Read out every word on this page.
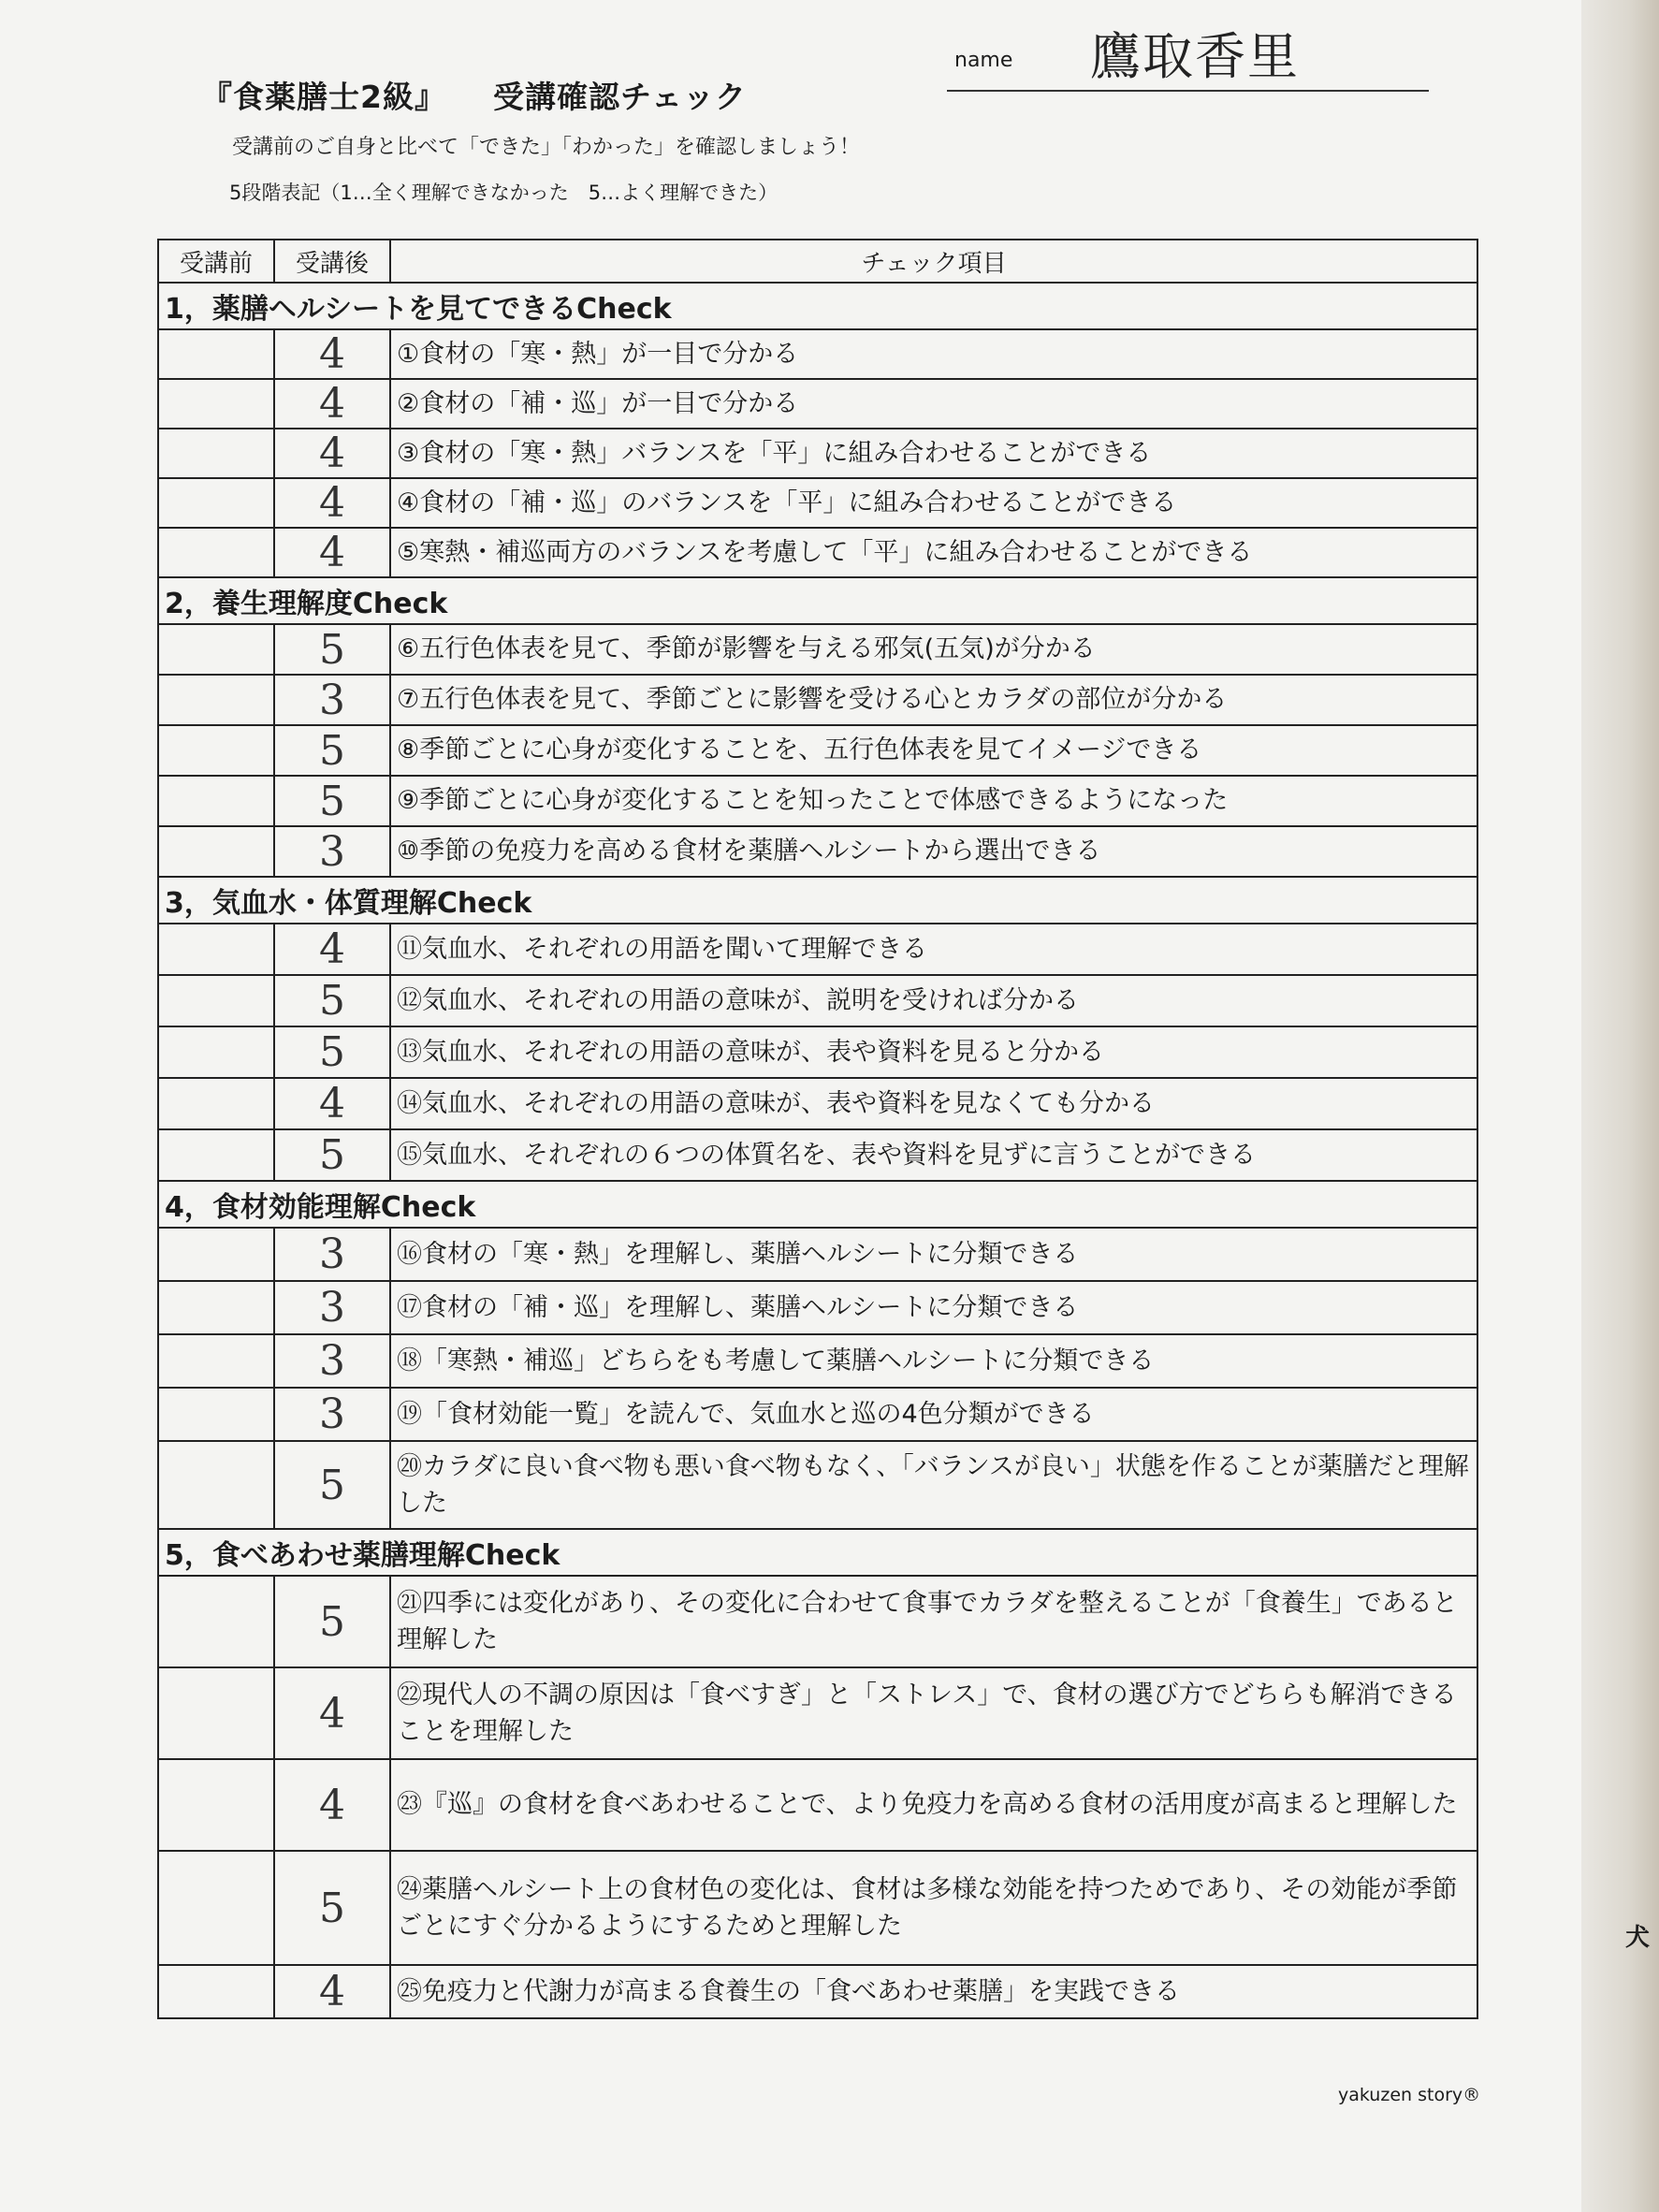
『食薬膳士2級』 受講確認チェック
name 鷹取香里
受講前のご自身と比べて「できた」「わかった」を確認しましょう！
5段階表記（1…全く理解できなかった　5…よく理解できた）
受講前	受講後	チェック項目
1，薬膳ヘルシートを見てできるCheck		
	4	①食材の「寒・熱」が一目で分かる
	4	②食材の「補・巡」が一目で分かる
	4	③食材の「寒・熱」バランスを「平」に組み合わせることができる
	4	④食材の「補・巡」のバランスを「平」に組み合わせることができる
	4	⑤寒熱・補巡両方のバランスを考慮して「平」に組み合わせることができる
2，養生理解度Check		
	5	⑥五行色体表を見て、季節が影響を与える邪気(五気)が分かる
	3	⑦五行色体表を見て、季節ごとに影響を受ける心とカラダの部位が分かる
	5	⑧季節ごとに心身が変化することを、五行色体表を見てイメージできる
	5	⑨季節ごとに心身が変化することを知ったことで体感できるようになった
	3	⑩季節の免疫力を高める食材を薬膳ヘルシートから選出できる
3，気血水・体質理解Check		
	4	⑪気血水、それぞれの用語を聞いて理解できる
	5	⑫気血水、それぞれの用語の意味が、説明を受ければ分かる
	5	⑬気血水、それぞれの用語の意味が、表や資料を見ると分かる
	4	⑭気血水、それぞれの用語の意味が、表や資料を見なくても分かる
	5	⑮気血水、それぞれの６つの体質名を、表や資料を見ずに言うことができる
4，食材効能理解Check		
	3	⑯食材の「寒・熱」を理解し、薬膳ヘルシートに分類できる
	3	⑰食材の「補・巡」を理解し、薬膳ヘルシートに分類できる
	3	⑱「寒熱・補巡」どちらをも考慮して薬膳ヘルシートに分類できる
	3	⑲「食材効能一覧」を読んで、気血水と巡の4色分類ができる
	5	⑳カラダに良い食べ物も悪い食べ物もなく、「バランスが良い」状態を作ることが薬膳だと理解した
5，食べあわせ薬膳理解Check		
	5	㉑四季には変化があり、その変化に合わせて食事でカラダを整えることが「食養生」であると理解した
	4	㉒現代人の不調の原因は「食べすぎ」と「ストレス」で、食材の選び方でどちらも解消できることを理解した
	4	㉓『巡』の食材を食べあわせることで、より免疫力を高める食材の活用度が高まると理解した
	5	㉔薬膳ヘルシート上の食材色の変化は、食材は多様な効能を持つためであり、その効能が季節ごとにすぐ分かるようにするためと理解した
	4	㉕免疫力と代謝力が高まる食養生の「食べあわせ薬膳」を実践できる
yakuzen story®
犬
